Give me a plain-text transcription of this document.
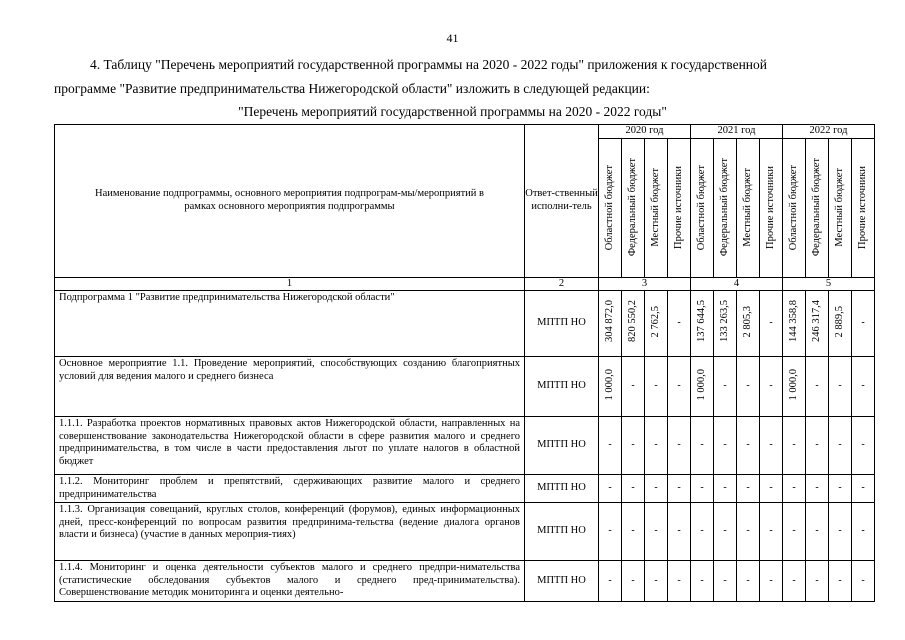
41
4. Таблицу "Перечень мероприятий государственной программы на 2020 - 2022 годы" приложения к государственной
программе "Развитие предпринимательства Нижегородской области" изложить в следующей редакции:
"Перечень мероприятий государственной программы на 2020 - 2022 годы"
Наименование подпрограммы, основного мероприятия подпрограм-мы/мероприятий в рамках основного мероприятия подпрограммы	Ответ-ственный исполни-тель	2020 год				2021 год				2022 год			

		Областной бюджет	Федеральный бюджет	Местный бюджет	Прочие источники	Областной бюджет	Федеральный бюджет	Местный бюджет	Прочие источники	Областной бюджет	Федеральный бюджет	Местный бюджет	Прочие источники

1	2	3				4				5			
Подпрограмма 1 "Развитие предпринимательства Нижегородской области"	МПТП НО	304 872,0	820 550,2	2 762,5	-	137 644,5	133 263,5	2 805,3	-	144 358,8	246 317,4	2 889,5	-
Основное мероприятие 1.1. Проведение мероприятий, способствующих созданию благоприятных условий для ведения малого и среднего бизнеса	МПТП НО	1 000,0	-	-	-	1 000,0	-	-	-	1 000,0	-	-	-
1.1.1. Разработка проектов нормативных правовых актов Нижегородской области, направленных на совершенствование законодательства Нижегородской области в сфере развития малого и среднего предпринимательства, в том числе в части предоставления льгот по уплате налогов в областной бюджет	МПТП НО	-	-	-	-	-	-	-	-	-	-	-	-
1.1.2. Мониторинг проблем и препятствий, сдерживающих развитие малого и среднего предпринимательства	МПТП НО	-	-	-	-	-	-	-	-	-	-	-	-
1.1.3. Организация совещаний, круглых столов, конференций (форумов), единых информационных дней, пресс-конференций по вопросам развития предпринима-тельства (ведение диалога органов власти и бизнеса) (участие в данных мероприя-тиях)	МПТП НО	-	-	-	-	-	-	-	-	-	-	-	-
1.1.4. Мониторинг и оценка деятельности субъектов малого и среднего предпри-нимательства (статистические обследования субъектов малого и среднего пред-принимательства). Совершенствование методик мониторинга и оценки деятельно-	МПТП НО	-	-	-	-	-	-	-	-	-	-	-	-
